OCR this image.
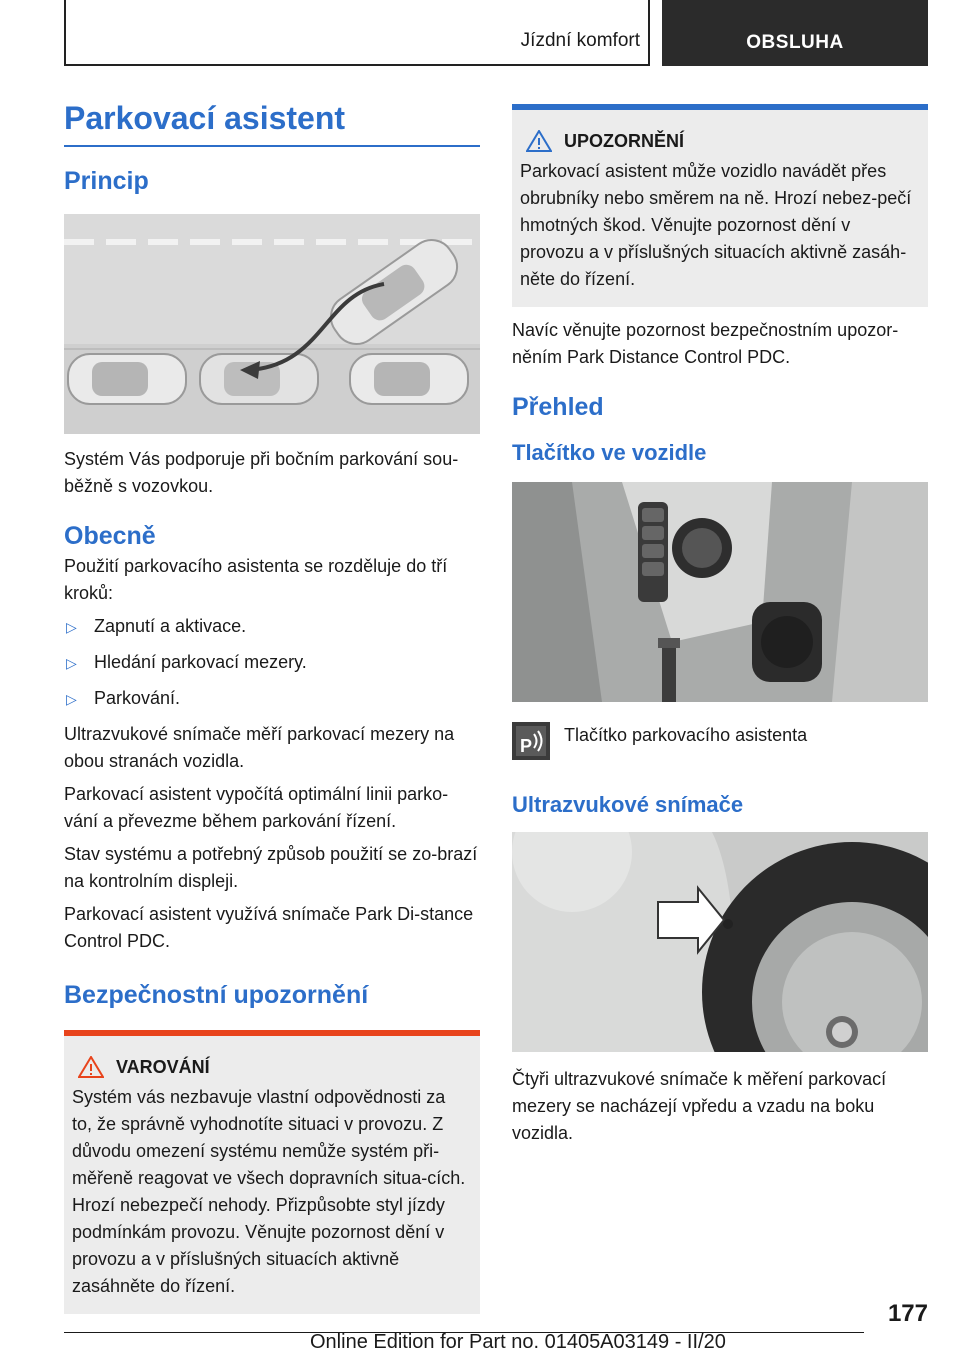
Jízdní komfort	OBSLUHA
Parkovací asistent
Princip

Systém Vás podporuje při bočním parkování sou‐běžně s vozovkou.

Obecně

Použití parkovacího asistenta se rozděluje do tří kroků:

▷ Zapnutí a aktivace.
▷ Hledání parkovací mezery.
▷ Parkování.

Ultrazvukové snímače měří parkovací mezery na obou stranách vozidla.

Parkovací asistent vypočítá optimální linii parko‐vání a převezme během parkování řízení.

Stav systému a potřebný způsob použití se zo‐brazí na kontrolním displeji.

Parkovací asistent využívá snímače Park Di‐stance Control PDC.

Bezpečnostní upozornění
VAROVÁNÍ

Systém vás nezbavuje vlastní odpovědnosti za to, že správně vyhodnotíte situaci v provozu. Z důvodu omezení systému nemůže systém při‐měřeně reagovat ve všech dopravních situa‐cích. Hrozí nebezpečí nehody. Přizpůsobte styl jízdy podmínkám provozu. Věnujte pozornost dění v provozu a v příslušných situacích aktivně zasáhněte do řízení.

UPOZORNĚNÍ

Parkovací asistent může vozidlo navádět přes obrubníky nebo směrem na ně. Hrozí nebez‐pečí hmotných škod. Věnujte pozornost dění v provozu a v příslušných situacích aktivně zasáh‐něte do řízení.

Navíc věnujte pozornost bezpečnostním upozor‐něním Park Distance Control PDC.

Přehled
Tlačítko ve vozidle
P

Tlačítko parkovacího asistenta

Ultrazvukové snímače

Čtyři ultrazvukové snímače k měření parkovací mezery se nacházejí vpředu a vzadu na boku vozidla.

177
Online Edition for Part no. 01405A03149 - II/20
